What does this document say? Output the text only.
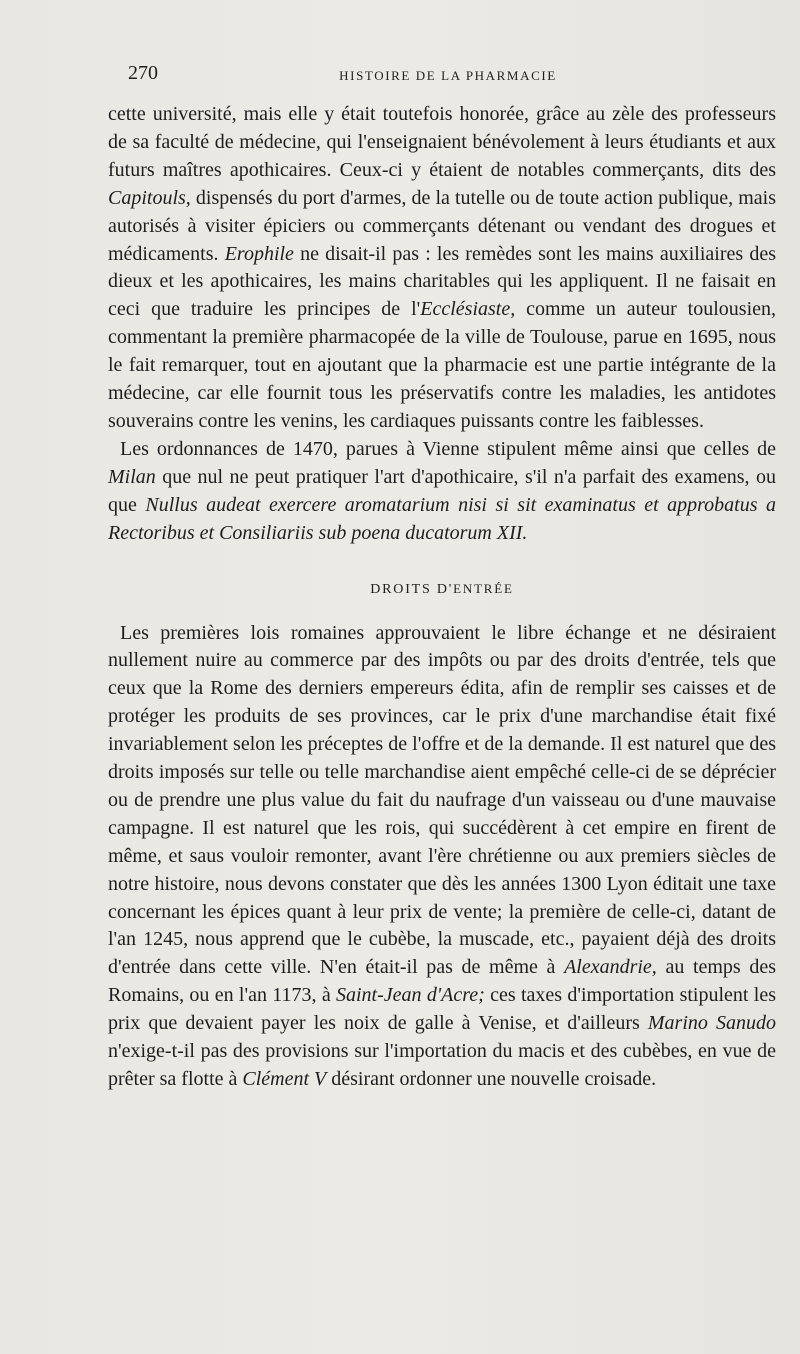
270	HISTOIRE DE LA PHARMACIE

cette université, mais elle y était toutefois honorée, grâce au zèle des professeurs de sa faculté de médecine, qui l'enseignaient bénévolement à leurs étudiants et aux futurs maîtres apothicaires. Ceux-ci y étaient de notables commerçants, dits des Capitouls, dispensés du port d'armes, de la tutelle ou de toute action publique, mais autorisés à visiter épiciers ou commerçants détenant ou vendant des drogues et médicaments. Erophile ne disait-il pas : les remèdes sont les mains auxiliaires des dieux et les apothicaires, les mains charitables qui les appliquent. Il ne faisait en ceci que traduire les principes de l'Ecclésiaste, comme un auteur toulousien, commentant la première pharmacopée de la ville de Toulouse, parue en 1695, nous le fait remarquer, tout en ajoutant que la pharmacie est une partie intégrante de la médecine, car elle fournit tous les préservatifs contre les maladies, les antidotes souverains contre les venins, les cardiaques puissants contre les faiblesses.

Les ordonnances de 1470, parues à Vienne stipulent même ainsi que celles de Milan que nul ne peut pratiquer l'art d'apothicaire, s'il n'a parfait des examens, ou que Nullus audeat exercere aromatarium nisi si sit examinatus et approbatus a Rectoribus et Consiliariis sub poena ducatorum XII.

DROITS D'ENTRÉE

Les premières lois romaines approuvaient le libre échange et ne désiraient nullement nuire au commerce par des impôts ou par des droits d'entrée, tels que ceux que la Rome des derniers empereurs édita, afin de remplir ses caisses et de protéger les produits de ses provinces, car le prix d'une marchandise était fixé invariablement selon les préceptes de l'offre et de la demande. Il est naturel que des droits imposés sur telle ou telle marchandise aient empêché celle-ci de se déprécier ou de prendre une plus value du fait du naufrage d'un vaisseau ou d'une mauvaise campagne. Il est naturel que les rois, qui succédèrent à cet empire en firent de même, et saus vouloir remonter, avant l'ère chrétienne ou aux premiers siècles de notre histoire, nous devons constater que dès les années 1300 Lyon éditait une taxe concernant les épices quant à leur prix de vente; la première de celle-ci, datant de l'an 1245, nous apprend que le cubèbe, la muscade, etc., payaient déjà des droits d'entrée dans cette ville. N'en était-il pas de même à Alexandrie, au temps des Romains, ou en l'an 1173, à Saint-Jean d'Acre; ces taxes d'importation stipulent les prix que devaient payer les noix de galle à Venise, et d'ailleurs Marino Sanudo n'exige-t-il pas des provisions sur l'importation du macis et des cubèbes, en vue de prêter sa flotte à Clément V désirant ordonner une nouvelle croisade.
